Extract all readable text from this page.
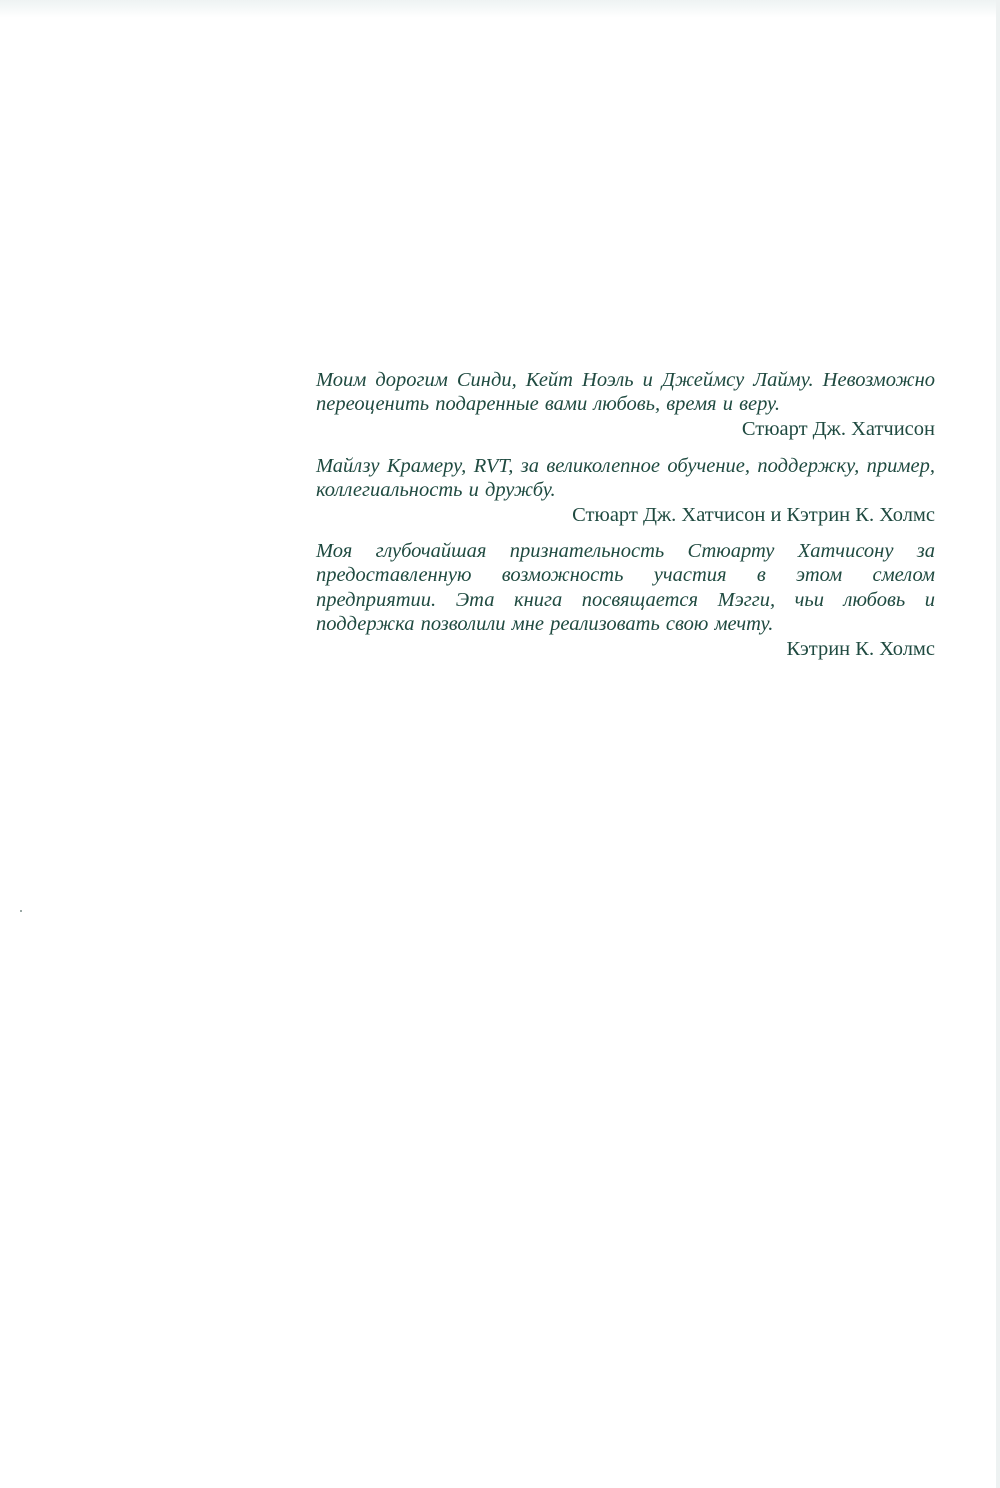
Моим дорогим Синди, Кейт Ноэль и Джеймсу Лайму. Невозможно переоценить подаренные вами любовь, время и веру.
Стюарт Дж. Хатчисон
Майлзу Крамеру, RVT, за великолепное обучение, поддержку, пример, коллегиальность и дружбу.
Стюарт Дж. Хатчисон и Кэтрин К. Холмс
Моя глубочайшая признательность Стюарту Хатчисону за предоставленную возможность участия в этом смелом предприятии. Эта книга посвящается Мэгги, чьи любовь и поддержка позволили мне реализовать свою мечту.
Кэтрин К. Холмс
